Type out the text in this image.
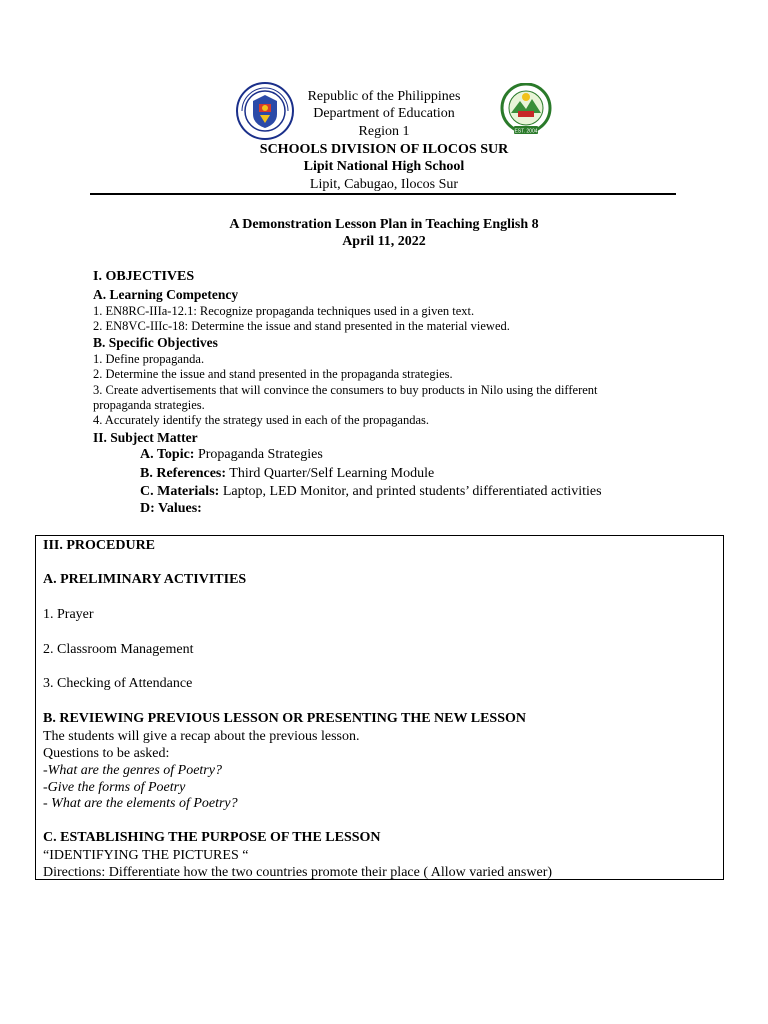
EST. 2004
Republic of the Philippines
Department of Education
Region 1
SCHOOLS DIVISION OF ILOCOS SUR
Lipit National High School
Lipit, Cabugao, Ilocos Sur
A Demonstration Lesson Plan in Teaching English 8
April 11, 2022
I. OBJECTIVES
A. Learning Competency
1. EN8RC-IIIa-12.1: Recognize propaganda techniques used in a given text.
2. EN8VC-IIIc-18: Determine the issue and stand presented in the material viewed.
B. Specific Objectives
1. Define propaganda.
2. Determine the issue and stand presented in the propaganda strategies.
3. Create advertisements that will convince the consumers to buy products in Nilo using the different
propaganda strategies.
4. Accurately identify the strategy used in each of the propagandas.
II. Subject Matter
A. Topic: Propaganda Strategies
B. References: Third Quarter/Self Learning Module
C. Materials: Laptop, LED Monitor, and printed students’ differentiated activities
D: Values:
III. PROCEDURE
A. PRELIMINARY ACTIVITIES
1. Prayer
2. Classroom Management
3. Checking of Attendance
B. REVIEWING PREVIOUS LESSON OR PRESENTING THE NEW LESSON
The students will give a recap about the previous lesson.
Questions to be asked:
-What are the genres of Poetry?
-Give the forms of Poetry
- What are the elements of Poetry?
C. ESTABLISHING THE PURPOSE OF THE LESSON
“IDENTIFYING THE PICTURES “
Directions: Differentiate how the two countries promote their place ( Allow varied answer)
